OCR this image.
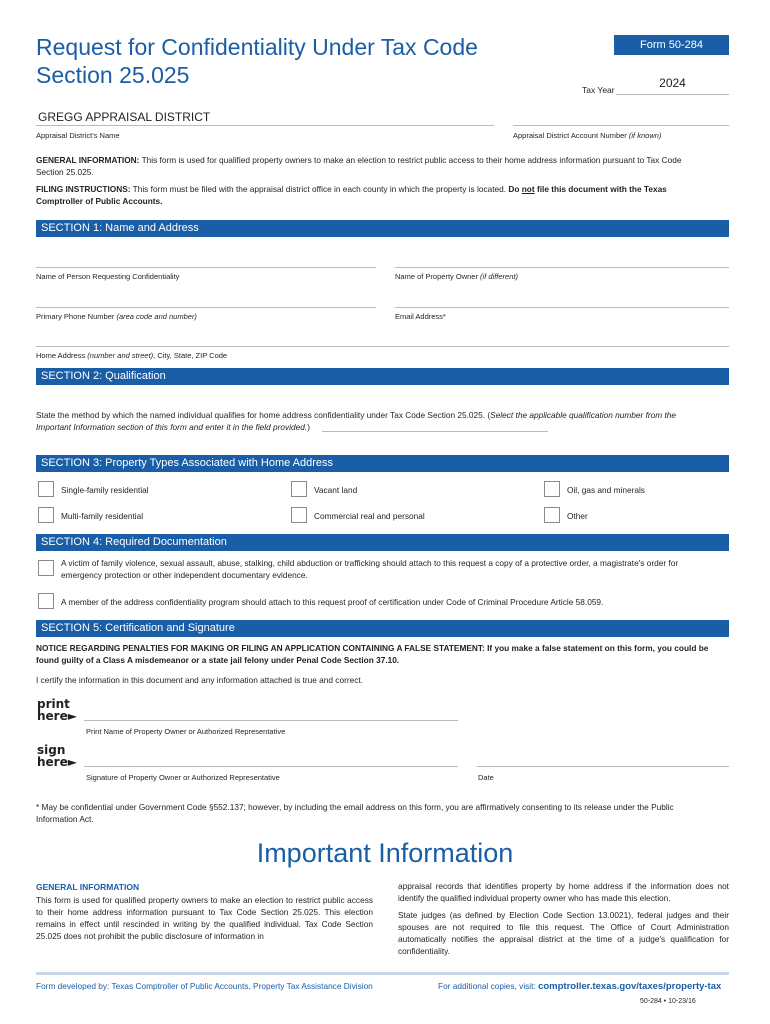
Request for Confidentiality Under Tax Code
Section 25.025
Form 50-284
Tax Year	2024
GREGG APPRAISAL DISTRICT
Appraisal District's Name	Appraisal District Account Number (if known)
GENERAL INFORMATION: This form is used for qualified property owners to make an election to restrict public access to their home address information pursuant to Tax Code
Section 25.025.
FILING INSTRUCTIONS: This form must be filed with the appraisal district office in each county in which the property is located. Do not file this document with the Texas
Comptroller of Public Accounts.
SECTION 1: Name and Address
Name of Person Requesting Confidentiality	Name of Property Owner (if different)
Primary Phone Number (area code and number)	Email Address*
Home Address (number and street), City, State, ZIP Code
SECTION 2: Qualification
State the method by which the named individual qualifies for home address confidentiality under Tax Code Section 25.025. (Select the applicable qualification number from the
Important Information section of this form and enter it in the field provided.)
SECTION 3: Property Types Associated with Home Address
Single-family residential	Vacant land	Oil, gas and minerals
Multi-family residential	Commercial real and personal	Other
SECTION 4: Required Documentation
A victim of family violence, sexual assault, abuse, stalking, child abduction or trafficking should attach to this request a copy of a protective order, a magistrate's order for
emergency protection or other independent documentary evidence.
A member of the address confidentiality program should attach to this request proof of certification under Code of Criminal Procedure Article 58.059.
SECTION 5: Certification and Signature
NOTICE REGARDING PENALTIES FOR MAKING OR FILING AN APPLICATION CONTAINING A FALSE STATEMENT: If you make a false statement on this form, you could be
found guilty of a Class A misdemeanor or a state jail felony under Penal Code Section 37.10.
I certify the information in this document and any information attached is true and correct.
print
here►
Print Name of Property Owner or Authorized Representative
sign
here►
Signature of Property Owner or Authorized Representative	Date
* May be confidential under Government Code §552.137; however, by including the email address on this form, you are affirmatively consenting to its release under the Public
Information Act.
Important Information
GENERAL INFORMATION
This form is used for qualified property owners to make an election to restrict public access to their home address information pursuant to Tax Code Section 25.025. This election remains in effect until rescinded in writing by the qualified individual. Tax Code Section 25.025 does not prohibit the public disclosure of information in
appraisal records that identifies property by home address if the information does not identify the qualified individual property owner who has made this election.
State judges (as defined by Election Code Section 13.0021), federal judges and their spouses are not required to file this request. The Office of Court Administration automatically notifies the appraisal district at the time of a judge's qualification for confidentiality.
Form developed by: Texas Comptroller of Public Accounts, Property Tax Assistance Division	For additional copies, visit: comptroller.texas.gov/taxes/property-tax
50-284 • 10-23/16
